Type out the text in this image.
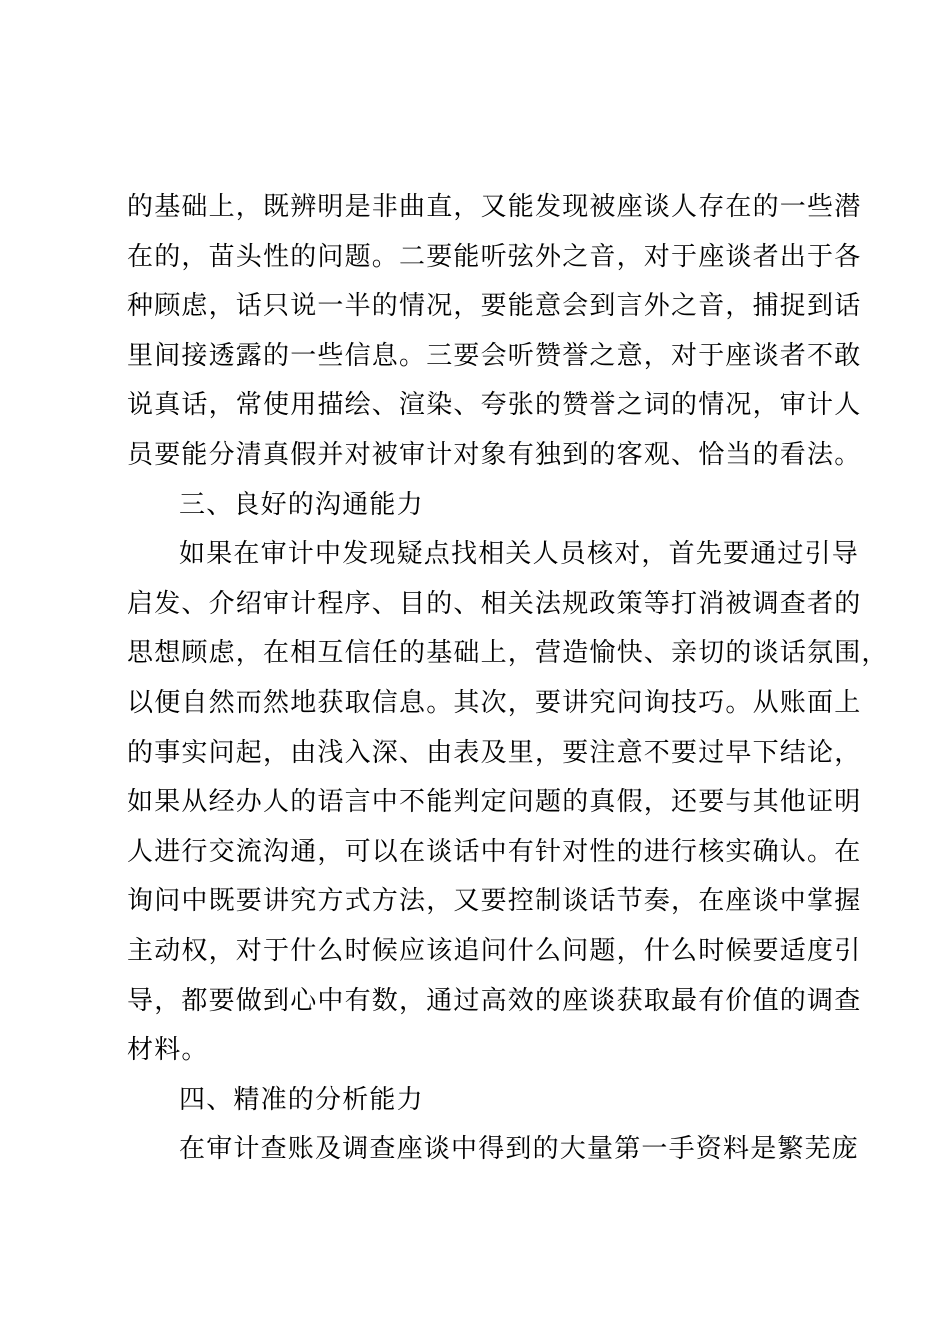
的基础上，既辨明是非曲直，又能发现被座谈人存在的一些潜
在的，苗头性的问题。二要能听弦外之音，对于座谈者出于各
种顾虑，话只说一半的情况，要能意会到言外之音，捕捉到话
里间接透露的一些信息。三要会听赞誉之意，对于座谈者不敢
说真话，常使用描绘、渲染、夸张的赞誉之词的情况，审计人
员要能分清真假并对被审计对象有独到的客观、恰当的看法。
三、良好的沟通能力
如果在审计中发现疑点找相关人员核对，首先要通过引导
启发、介绍审计程序、目的、相关法规政策等打消被调查者的
思想顾虑，在相互信任的基础上，营造愉快、亲切的谈话氛围，
以便自然而然地获取信息。其次，要讲究问询技巧。从账面上
的事实问起，由浅入深、由表及里，要注意不要过早下结论，
如果从经办人的语言中不能判定问题的真假，还要与其他证明
人进行交流沟通，可以在谈话中有针对性的进行核实确认。在
询问中既要讲究方式方法，又要控制谈话节奏，在座谈中掌握
主动权，对于什么时候应该追问什么问题，什么时候要适度引
导，都要做到心中有数，通过高效的座谈获取最有价值的调查
材料。
四、精准的分析能力
在审计查账及调查座谈中得到的大量第一手资料是繁芜庞
